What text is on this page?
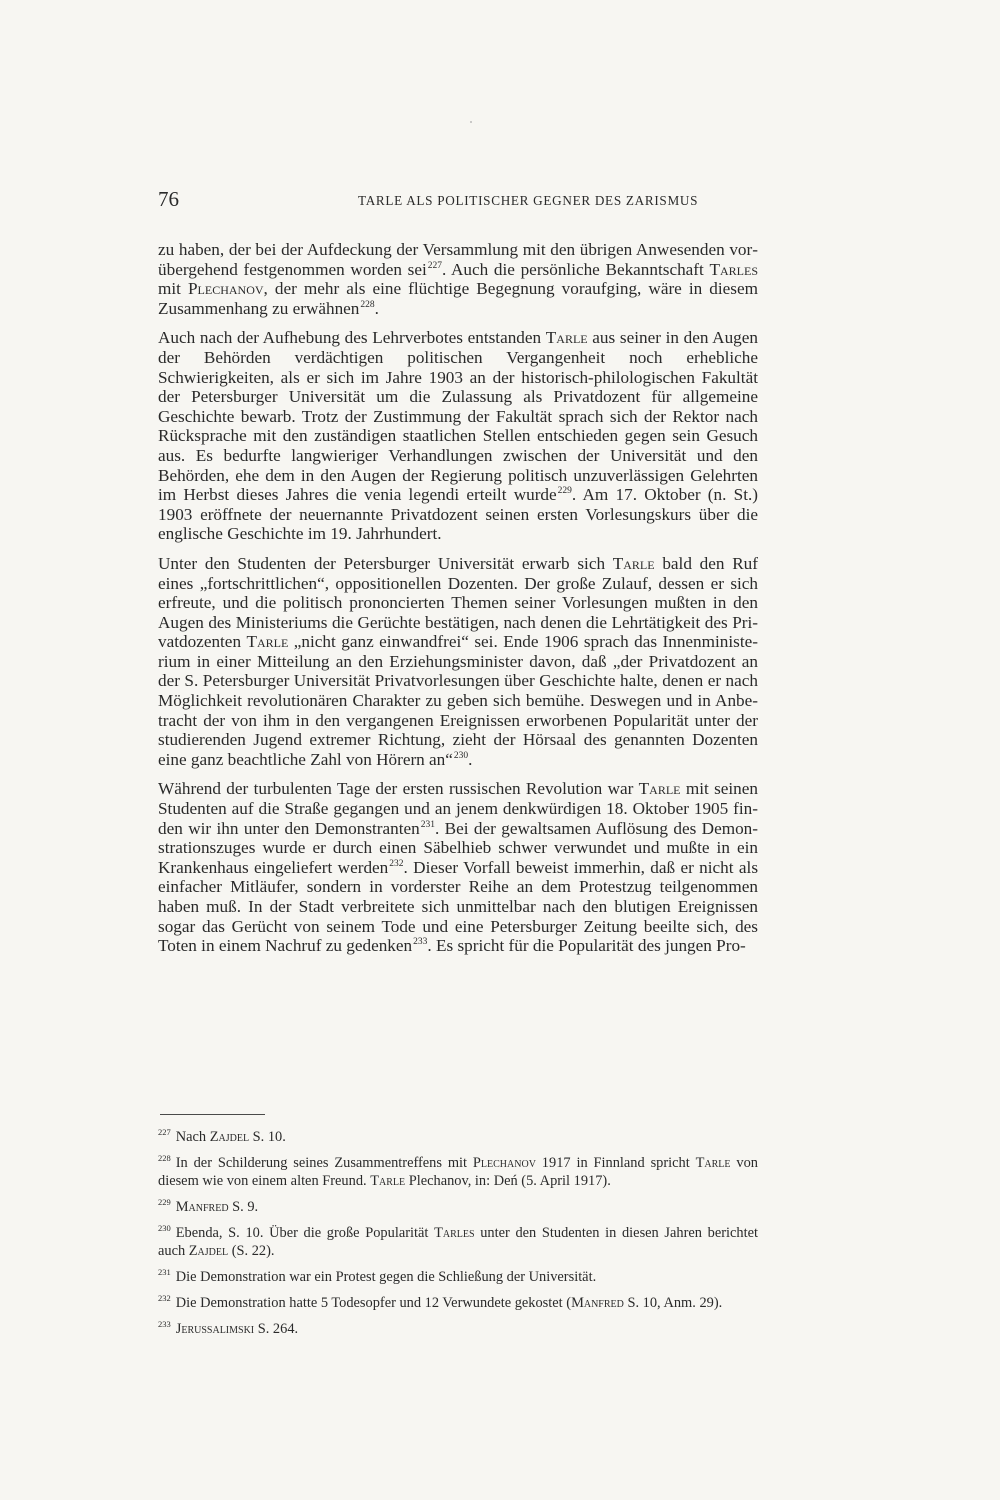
76	TARLE ALS POLITISCHER GEGNER DES ZARISMUS

zu haben, der bei der Aufdeckung der Versammlung mit den übrigen Anwesenden vorübergehend festgenommen worden sei$^{227}$. Auch die persönliche Bekanntschaft Tarles mit Plechanov, der mehr als eine flüchtige Begegnung voraufging, wäre in diesem Zusammenhang zu erwähnen$^{228}$.

Auch nach der Aufhebung des Lehrverbotes entstanden Tarle aus seiner in den Augen der Behörden verdächtigen politischen Vergangenheit noch erhebliche Schwierigkeiten, als er sich im Jahre 1903 an der historisch-philologischen Fakultät der Petersburger Universität um die Zulassung als Privatdozent für allgemeine Geschichte bewarb. Trotz der Zustimmung der Fakultät sprach sich der Rektor nach Rücksprache mit den zuständigen staatlichen Stellen entschieden gegen sein Gesuch aus. Es bedurfte langwieriger Verhandlungen zwischen der Universität und den Behörden, ehe dem in den Augen der Regierung politisch unzuverlässigen Gelehrten im Herbst dieses Jahres die venia legendi erteilt wurde$^{229}$. Am 17. Oktober (n. St.) 1903 eröffnete der neuernannte Privatdozent seinen ersten Vorlesungskurs über die englische Geschichte im 19. Jahrhundert.

Unter den Studenten der Petersburger Universität erwarb sich Tarle bald den Ruf eines „fortschrittlichen“, oppositionellen Dozenten. Der große Zulauf, dessen er sich erfreute, und die politisch prononcierten Themen seiner Vorlesungen mußten in den Augen des Ministeriums die Gerüchte bestätigen, nach denen die Lehrtätigkeit des Privatdozenten Tarle „nicht ganz einwandfrei“ sei. Ende 1906 sprach das Innenministerium in einer Mitteilung an den Erziehungsminister davon, daß „der Privatdozent an der S. Petersburger Universität Privatvorlesungen über Geschichte halte, denen er nach Möglichkeit revolutionären Charakter zu geben sich bemühe. Deswegen und in Anbetracht der von ihm in den vergangenen Ereignissen erworbenen Popularität unter der studierenden Jugend extremer Richtung, zieht der Hörsaal des genannten Dozenten eine ganz beachtliche Zahl von Hörern an“$^{230}$.

Während der turbulenten Tage der ersten russischen Revolution war Tarle mit seinen Studenten auf die Straße gegangen und an jenem denkwürdigen 18. Oktober 1905 finden wir ihn unter den Demonstranten$^{231}$. Bei der gewaltsamen Auflösung des Demonstrationszuges wurde er durch einen Säbelhieb schwer verwundet und mußte in ein Krankenhaus eingeliefert werden$^{232}$. Dieser Vorfall beweist immerhin, daß er nicht als einfacher Mitläufer, sondern in vorderster Reihe an dem Protestzug teilgenommen haben muß. In der Stadt verbreitete sich unmittelbar nach den blutigen Ereignissen sogar das Gerücht von seinem Tode und eine Petersburger Zeitung beeilte sich, des Toten in einem Nachruf zu gedenken$^{233}$. Es spricht für die Popularität des jungen Pro-

$^{227}$ Nach Zajdel S. 10.
$^{228}$ In der Schilderung seines Zusammentreffens mit Plechanov 1917 in Finnland spricht Tarle von diesem wie von einem alten Freund. Tarle Plechanov, in: Deń (5. April 1917).
$^{229}$ Manfred S. 9.
$^{230}$ Ebenda, S. 10. Über die große Popularität Tarles unter den Studenten in diesen Jahren berichtet auch Zajdel (S. 22).
$^{231}$ Die Demonstration war ein Protest gegen die Schließung der Universität.
$^{232}$ Die Demonstration hatte 5 Todesopfer und 12 Verwundete gekostet (Manfred S. 10, Anm. 29).
$^{233}$ Jerussalimski S. 264.
